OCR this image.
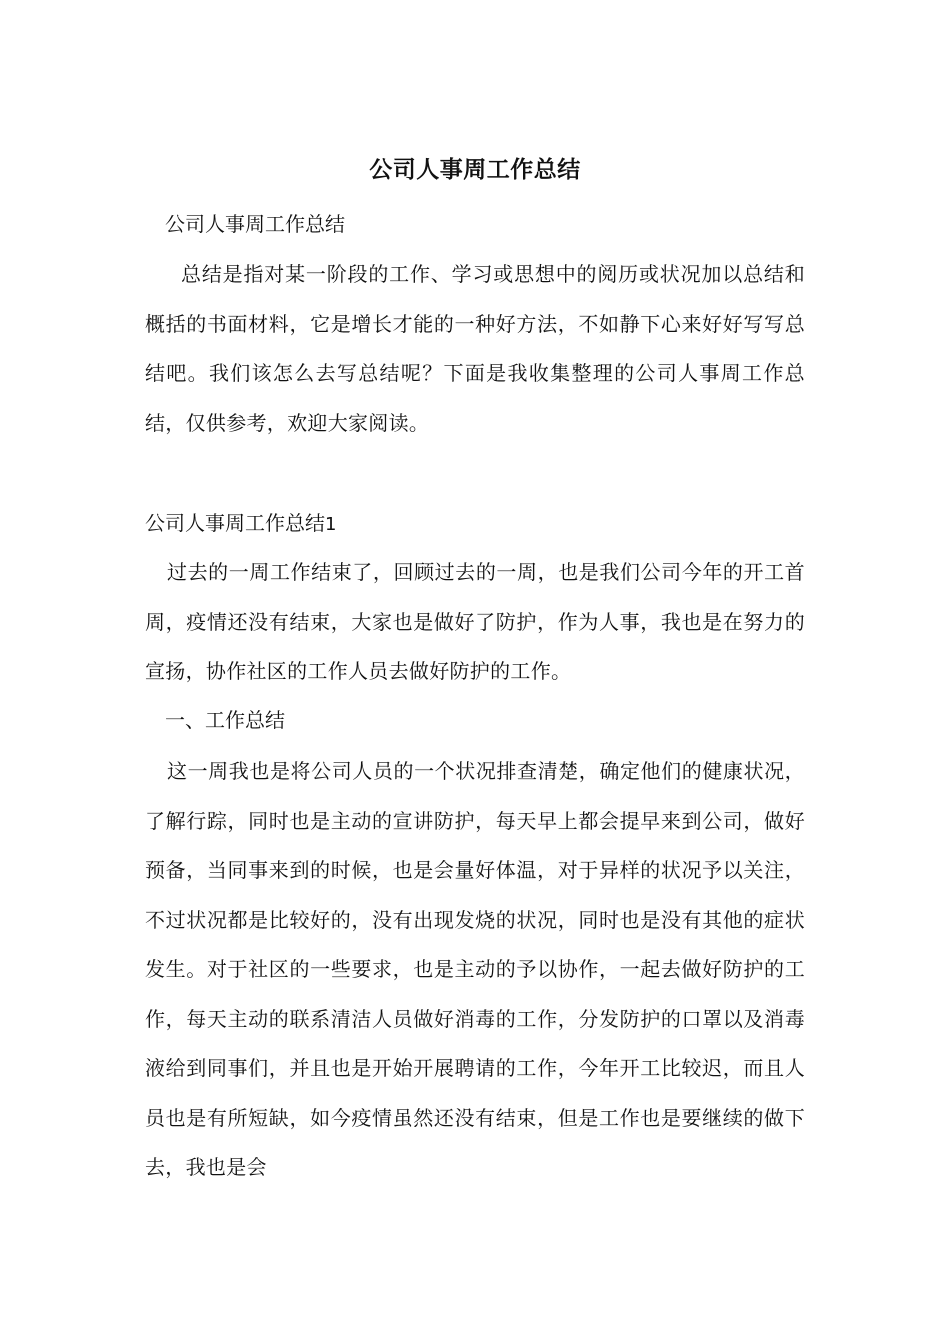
公司人事周工作总结
公司人事周工作总结
总结是指对某一阶段的工作、学习或思想中的阅历或状况加以总结和概括的书面材料，它是增长才能的一种好方法，不如静下心来好好写写总结吧。我们该怎么去写总结呢？下面是我收集整理的公司人事周工作总结，仅供参考，欢迎大家阅读。
公司人事周工作总结1
过去的一周工作结束了，回顾过去的一周，也是我们公司今年的开工首周，疫情还没有结束，大家也是做好了防护，作为人事，我也是在努力的宣扬，协作社区的工作人员去做好防护的工作。
一、工作总结
这一周我也是将公司人员的一个状况排查清楚，确定他们的健康状况，了解行踪，同时也是主动的宣讲防护，每天早上都会提早来到公司，做好预备，当同事来到的时候，也是会量好体温，对于异样的状况予以关注，不过状况都是比较好的，没有出现发烧的状况，同时也是没有其他的症状发生。对于社区的一些要求，也是主动的予以协作，一起去做好防护的工作，每天主动的联系清洁人员做好消毒的工作，分发防护的口罩以及消毒液给到同事们，并且也是开始开展聘请的工作，今年开工比较迟，而且人员也是有所短缺，如今疫情虽然还没有结束，但是工作也是要继续的做下去，我也是会
